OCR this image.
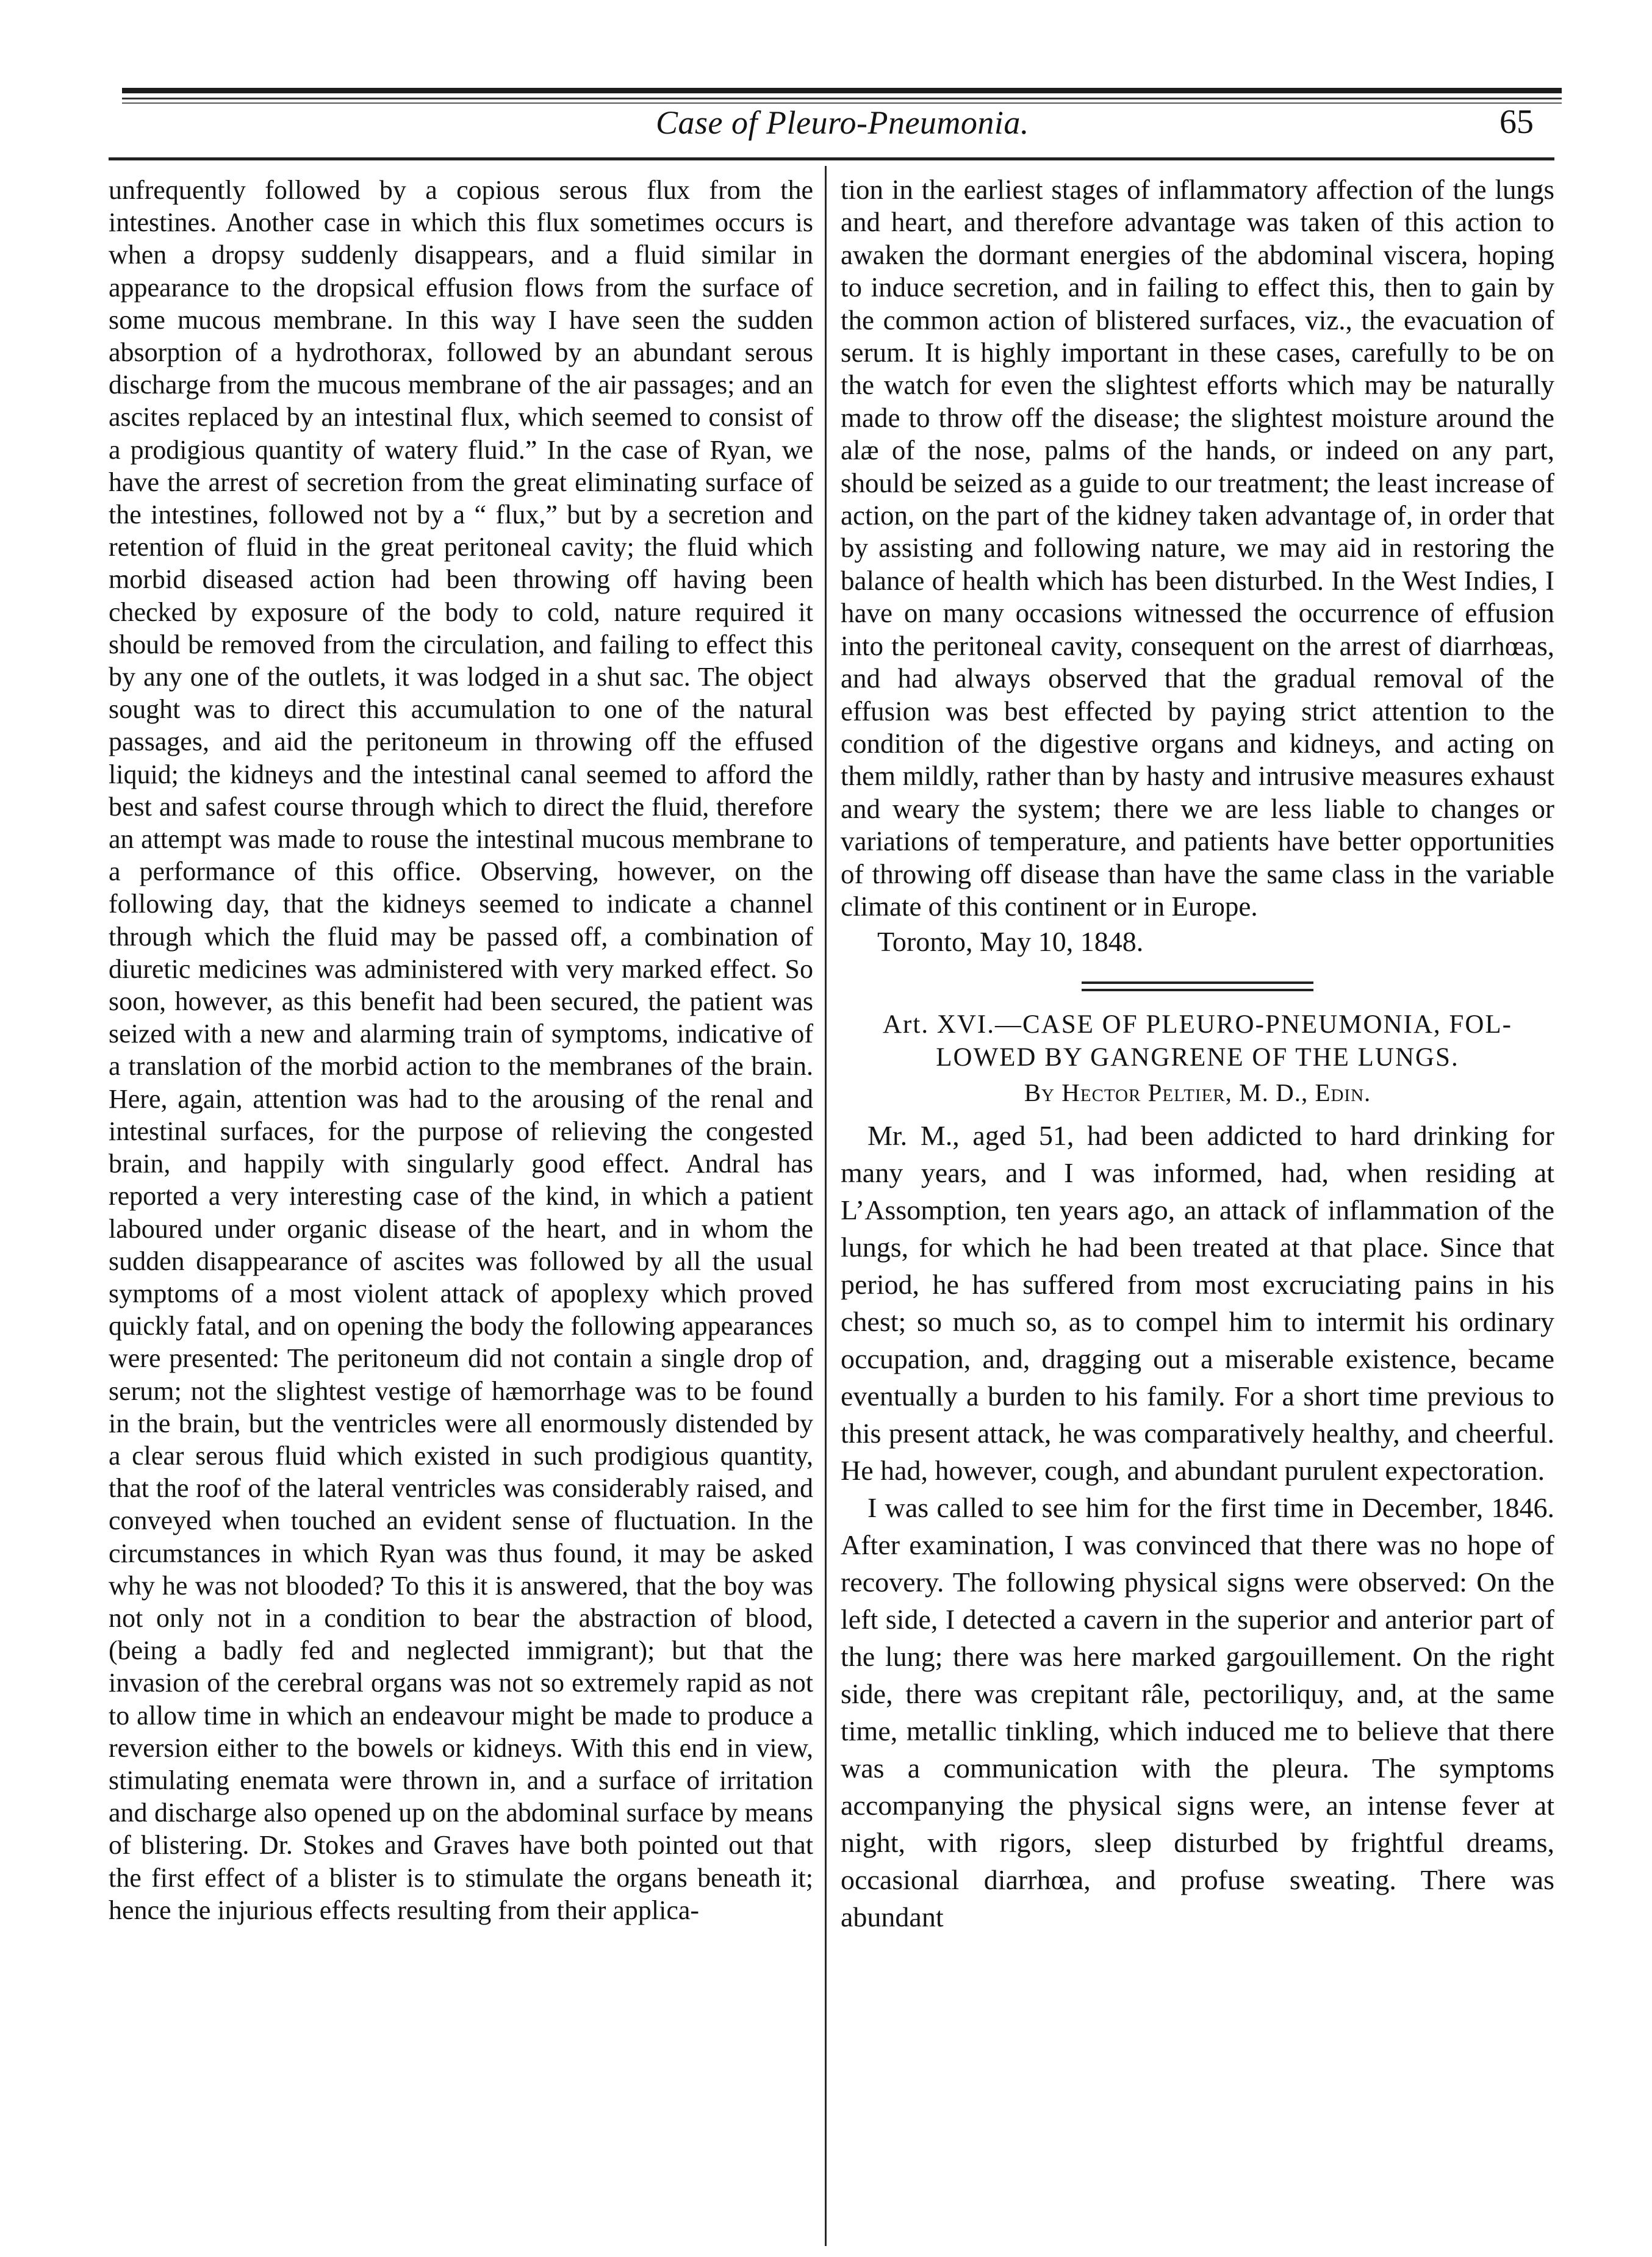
Case of Pleuro-Pneumonia.	65

unfrequently followed by a copious serous flux from the intestines. Another case in which this flux sometimes occurs is when a dropsy suddenly disappears, and a fluid similar in appearance to the dropsical effusion flows from the surface of some mucous membrane. In this way I have seen the sudden absorption of a hydrothorax, followed by an abundant serous discharge from the mucous membrane of the air passages; and an ascites replaced by an intestinal flux, which seemed to consist of a prodigious quantity of watery fluid.” In the case of Ryan, we have the arrest of secretion from the great eliminating surface of the intestines, followed not by a “ flux,” but by a secretion and retention of fluid in the great peritoneal cavity; the fluid which morbid diseased action had been throwing off having been checked by exposure of the body to cold, nature required it should be removed from the circulation, and failing to effect this by any one of the outlets, it was lodged in a shut sac. The object sought was to direct this accumulation to one of the natural passages, and aid the peritoneum in throwing off the effused liquid; the kidneys and the intestinal canal seemed to afford the best and safest course through which to direct the fluid, therefore an attempt was made to rouse the intestinal mucous membrane to a performance of this office. Observing, however, on the following day, that the kidneys seemed to indicate a channel through which the fluid may be passed off, a combination of diuretic medicines was administered with very marked effect. So soon, however, as this benefit had been secured, the patient was seized with a new and alarming train of symptoms, indicative of a translation of the morbid action to the membranes of the brain. Here, again, attention was had to the arousing of the renal and intestinal surfaces, for the purpose of relieving the congested brain, and happily with singularly good effect. Andral has reported a very interesting case of the kind, in which a patient laboured under organic disease of the heart, and in whom the sudden disappearance of ascites was followed by all the usual symptoms of a most violent attack of apoplexy which proved quickly fatal, and on opening the body the following appearances were presented: The peritoneum did not contain a single drop of serum; not the slightest vestige of hæmorrhage was to be found in the brain, but the ventricles were all enormously distended by a clear serous fluid which existed in such prodigious quantity, that the roof of the lateral ventricles was considerably raised, and conveyed when touched an evident sense of fluctuation. In the circumstances in which Ryan was thus found, it may be asked why he was not blooded? To this it is answered, that the boy was not only not in a condition to bear the abstraction of blood, (being a badly fed and neglected immigrant); but that the invasion of the cerebral organs was not so extremely rapid as not to allow time in which an endeavour might be made to produce a reversion either to the bowels or kidneys. With this end in view, stimulating enemata were thrown in, and a surface of irritation and discharge also opened up on the abdominal surface by means of blistering. Dr. Stokes and Graves have both pointed out that the first effect of a blister is to stimulate the organs beneath it; hence the injurious effects resulting from their applica-

tion in the earliest stages of inflammatory affection of the lungs and heart, and therefore advantage was taken of this action to awaken the dormant energies of the abdominal viscera, hoping to induce secretion, and in failing to effect this, then to gain by the common action of blistered surfaces, viz., the evacuation of serum. It is highly important in these cases, carefully to be on the watch for even the slightest efforts which may be naturally made to throw off the disease; the slightest moisture around the alæ of the nose, palms of the hands, or indeed on any part, should be seized as a guide to our treatment; the least increase of action, on the part of the kidney taken advantage of, in order that by assisting and following nature, we may aid in restoring the balance of health which has been disturbed. In the West Indies, I have on many occasions witnessed the occurrence of effusion into the peritoneal cavity, consequent on the arrest of diarrhœas, and had always observed that the gradual removal of the effusion was best effected by paying strict attention to the condition of the digestive organs and kidneys, and acting on them mildly, rather than by hasty and intrusive measures exhaust and weary the system; there we are less liable to changes or variations of temperature, and patients have better opportunities of throwing off disease than have the same class in the variable climate of this continent or in Europe.

Toronto, May 10, 1848.

Art. XVI.—CASE OF PLEURO-PNEUMONIA, FOL-
LOWED BY GANGRENE OF THE LUNGS.
By Hector Peltier, M. D., Edin.

Mr. M., aged 51, had been addicted to hard drinking for many years, and I was informed, had, when residing at L’Assomption, ten years ago, an attack of inflammation of the lungs, for which he had been treated at that place. Since that period, he has suffered from most excruciating pains in his chest; so much so, as to compel him to intermit his ordinary occupation, and, dragging out a miserable existence, became eventually a burden to his family. For a short time previous to this present attack, he was comparatively healthy, and cheerful. He had, however, cough, and abundant purulent expectoration.

I was called to see him for the first time in December, 1846. After examination, I was convinced that there was no hope of recovery. The following physical signs were observed: On the left side, I detected a cavern in the superior and anterior part of the lung; there was here marked gargouillement. On the right side, there was crepitant râle, pectoriliquy, and, at the same time, metallic tinkling, which induced me to believe that there was a communication with the pleura. The symptoms accompanying the physical signs were, an intense fever at night, with rigors, sleep disturbed by frightful dreams, occasional diarrhœa, and profuse sweating. There was abundant
